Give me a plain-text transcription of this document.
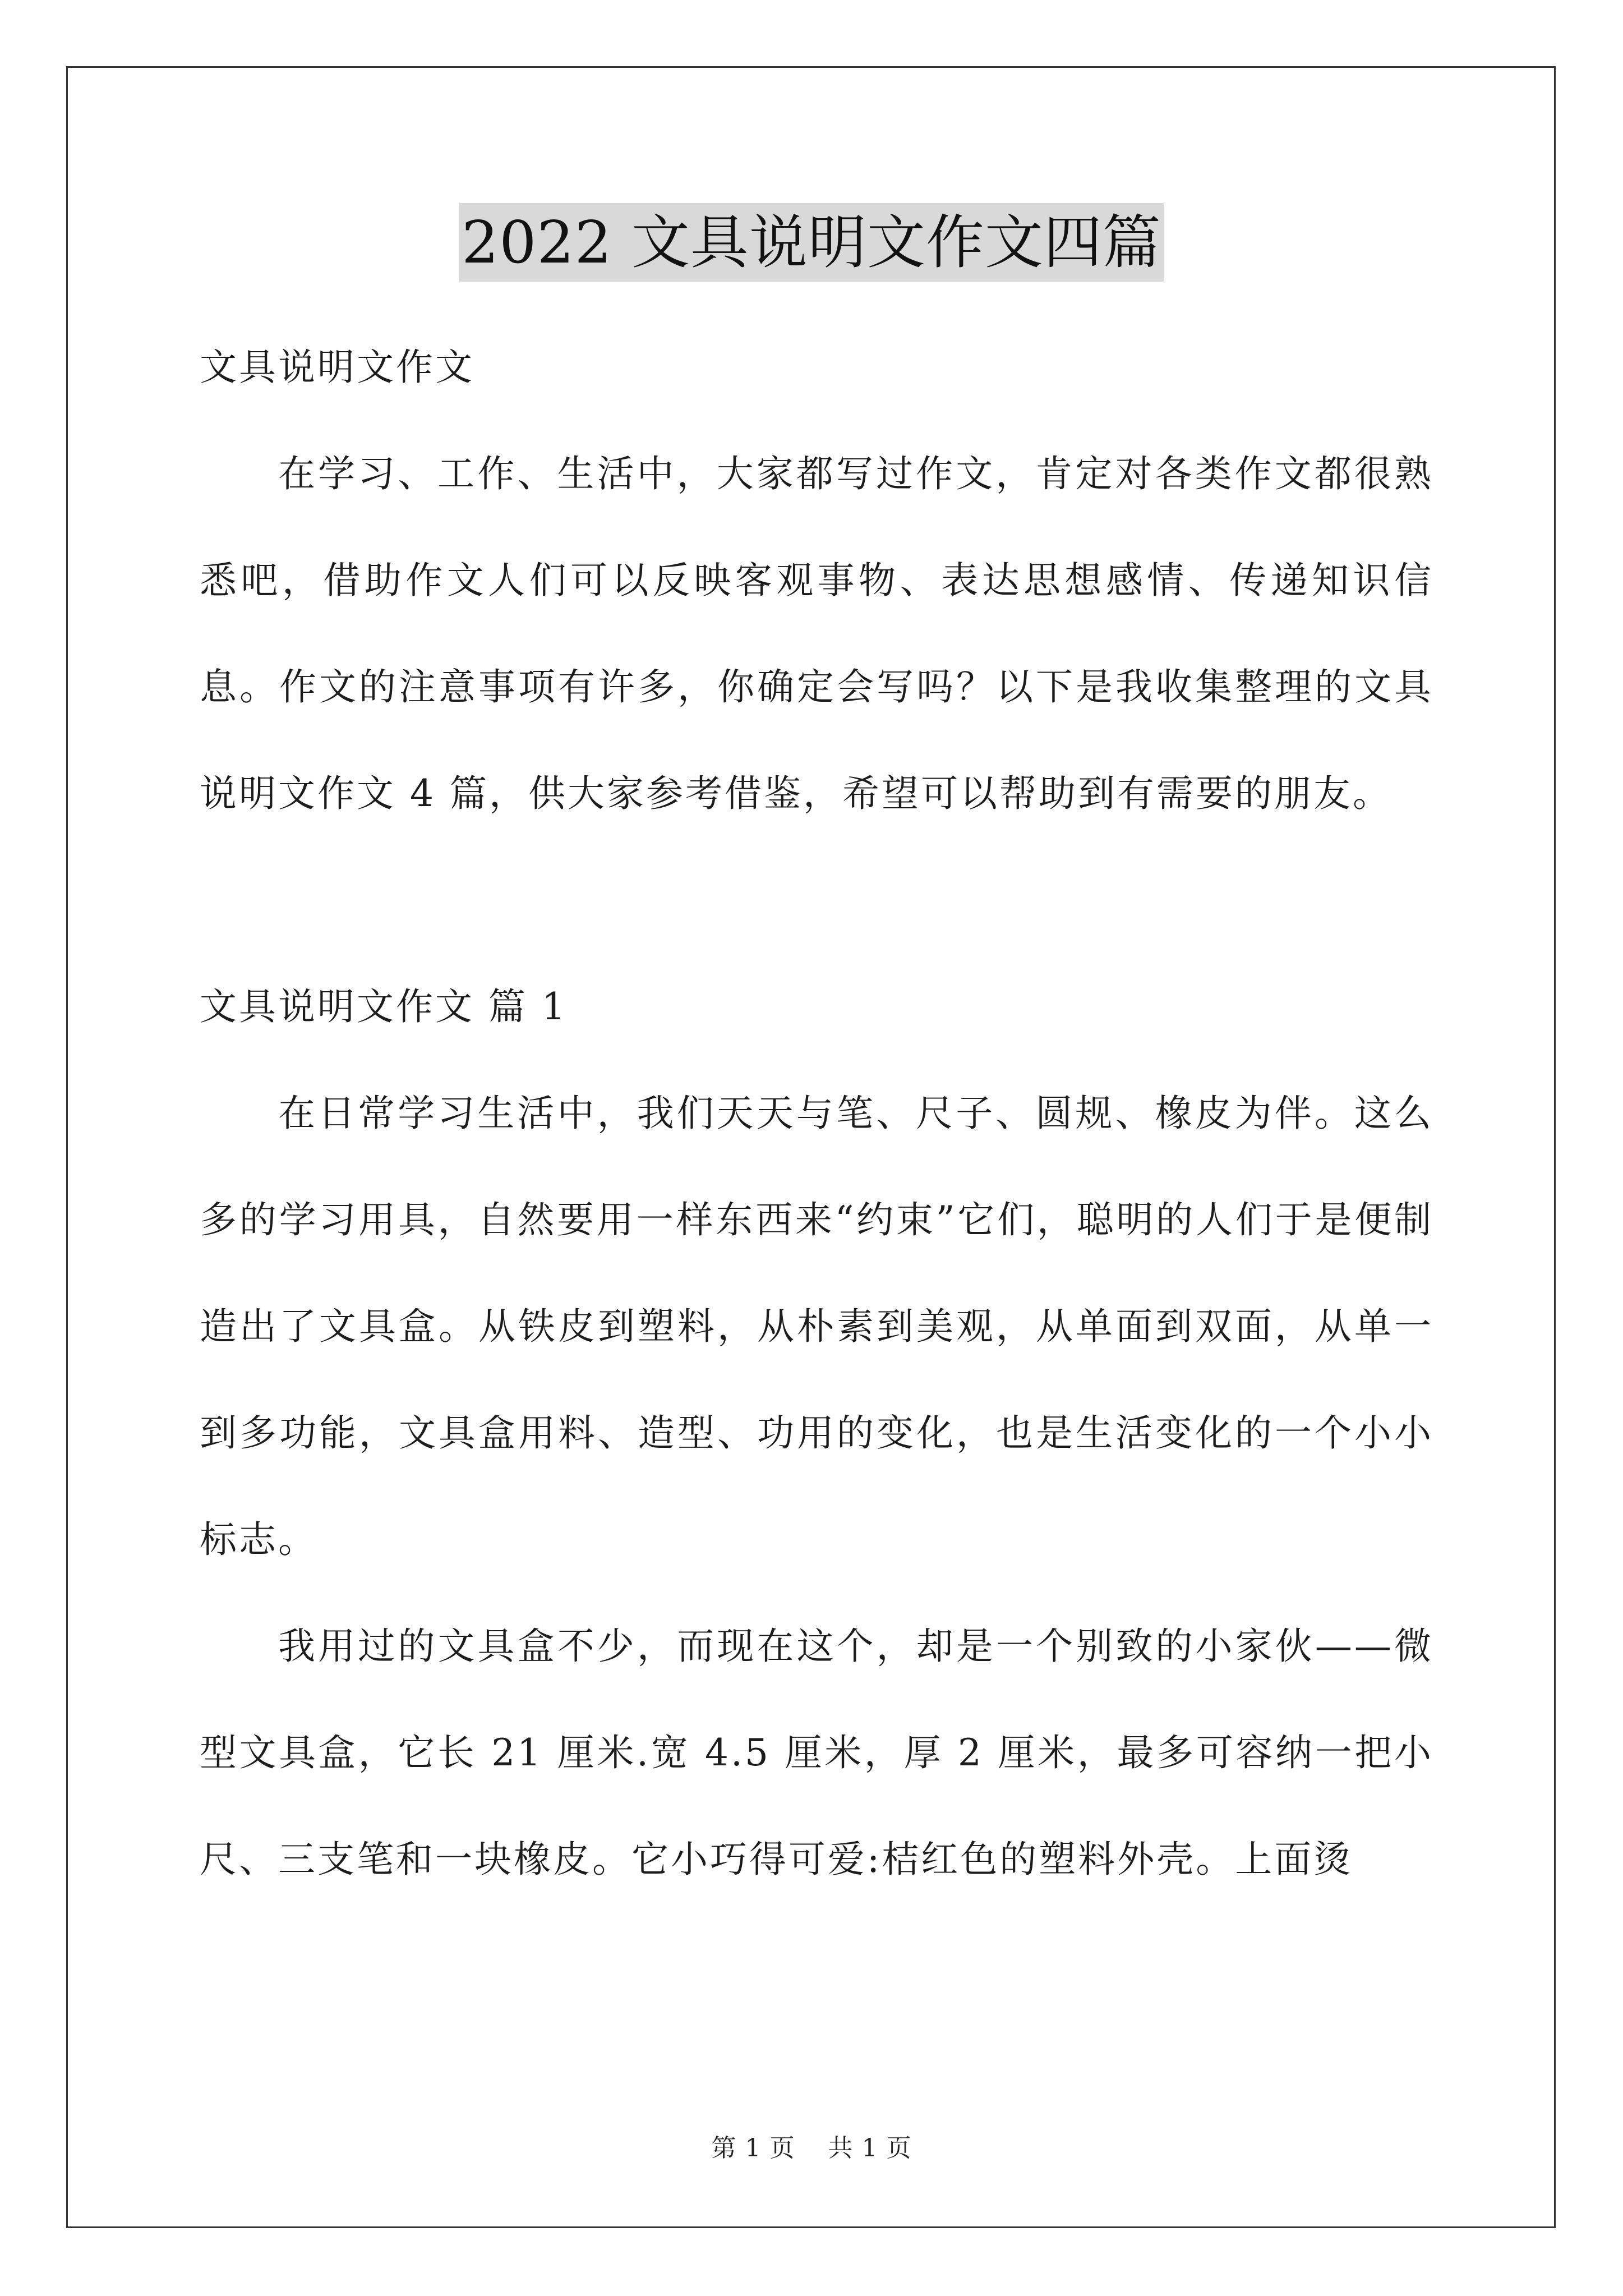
2022 文具说明文作文四篇

文具说明文作文

在学习、工作、生活中，大家都写过作文，肯定对各类作文都很熟悉吧，借助作文人们可以反映客观事物、表达思想感情、传递知识信息。作文的注意事项有许多，你确定会写吗？以下是我收集整理的文具说明文作文 4 篇，供大家参考借鉴，希望可以帮助到有需要的朋友。

文具说明文作文 篇 1

在日常学习生活中，我们天天与笔、尺子、圆规、橡皮为伴。这么多的学习用具，自然要用一样东西来“约束”它们，聪明的人们于是便制造出了文具盒。从铁皮到塑料，从朴素到美观，从单面到双面，从单一到多功能，文具盒用料、造型、功用的变化，也是生活变化的一个小小标志。

我用过的文具盒不少，而现在这个，却是一个别致的小家伙——微型文具盒，它长 21 厘米.宽 4.5 厘米，厚 2 厘米，最多可容纳一把小尺、三支笔和一块橡皮。它小巧得可爱:桔红色的塑料外壳。上面烫

第 1 页 共 1 页
